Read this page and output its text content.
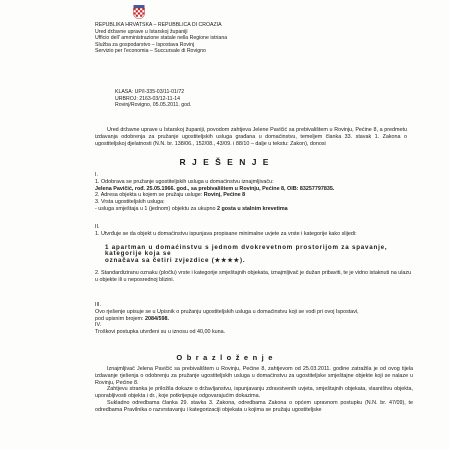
REPUBLIKA HRVATSKA – REPUBBLICA DI CROAZIA
Ured državne uprave u Istarskoj županiji
Ufficio dell' amministrazione statale nella Regione istriana
Služba za gospodarstvo – Ispostava Rovinj
Servizio per l'economia – Succursale di Rovigno
KLASA: UP/I-335-03/11-01/72
URBROJ: 2163-03/12-11-14
Rovinj/Rovigno, 05.05.2011. god.
Ured državne uprave u Istarskoj županiji, povodom zahtjeva Jelene Pavičić sa prebivalištem u Rovinju, Pećine 8, a predmetu izdavanja odobrenja za pružanje ugostiteljskih usluga građana u domaćinstvu, temeljem članka 33. stavak 1. Zakona o ugostiteljskoj djelatnosti (N.N. br. 138/06., 152/08., 43/09. i 88/10 – dalje u tekstu: Zakon), donosi
R J E Š E N J E
I.
1. Odobrava se pružanje ugostiteljskih usluga u domaćinstvu iznajmljivaču:
Jelena Pavičić, rođ. 25.05.1966. god., sa prebivalištem u Rovinju, Pećine 8, OIB: 83257797835.
2. Adresa objekta u kojem se pružaju usluge: Rovinj, Pećine 8
3. Vrsta ugostiteljskih usluga:
- usluga smještaja u 1 (jednom) objektu za ukupno 2 gosta u stalnim krevetima
II.
1. Utvrđuje se da objekt u domaćinstvu ispunjava propisane minimalne uvjete za vrste i kategorije kako slijedi:
1 apartman u domaćinstvu s jednom dvokrevetnom prostorijom za spavanje, kategorije koja se
označava sa četiri zvjezdice (★★★★).
2. Standardiziranu oznaku (pločlu) vrste i kategorije smještajnih objekata, iznajmljivač je dužan pribaviti, te je vidno istaknuti na ulazu u objekte ili u neposrednoj blizini.
III.
Ovo rješenje upisuje se u Upisnik o pružanju ugostiteljskih usluga u domaćinstvu koji se vodi pri ovoj Ispostavi,
pod upisnim brojem: 2084/598.
IV.
Troškovi postupka utvrđeni su u iznosu od 40,00 kuna.
O b r a z l o ž e n j e

Iznajmljivač Jelena Pavičić sa prebivalištem u Rovinju, Pećine 8, zahtjevom od 25.03.2011. godine zatražila je od ovog tijela izdavanje rješenja o odobrenju za pružanje ugostiteljskih usluga u domaćinstvu za ugostiteljske smještajne objekte koji se nalaze u Rovinju, Pećine 8.

Zahtjevu stranka je priložila dokaze o državljanstvu, ispunjavanju zdravstvenih uvjeta, smještajnih objekata, vlasništvu objekta, uporabljivosti objekta i dr., koje potkrijepuje odgovarajućim dokazima.

Sukladno odredbama članka 29. stavka 3. Zakona, odredbama Zakona o općem upravnom postupku (N.N. br. 47/09), te odredbama Pravilnika o razvrstavanju i kategorizaciji objekata u kojima se pružaju ugostiteljske
